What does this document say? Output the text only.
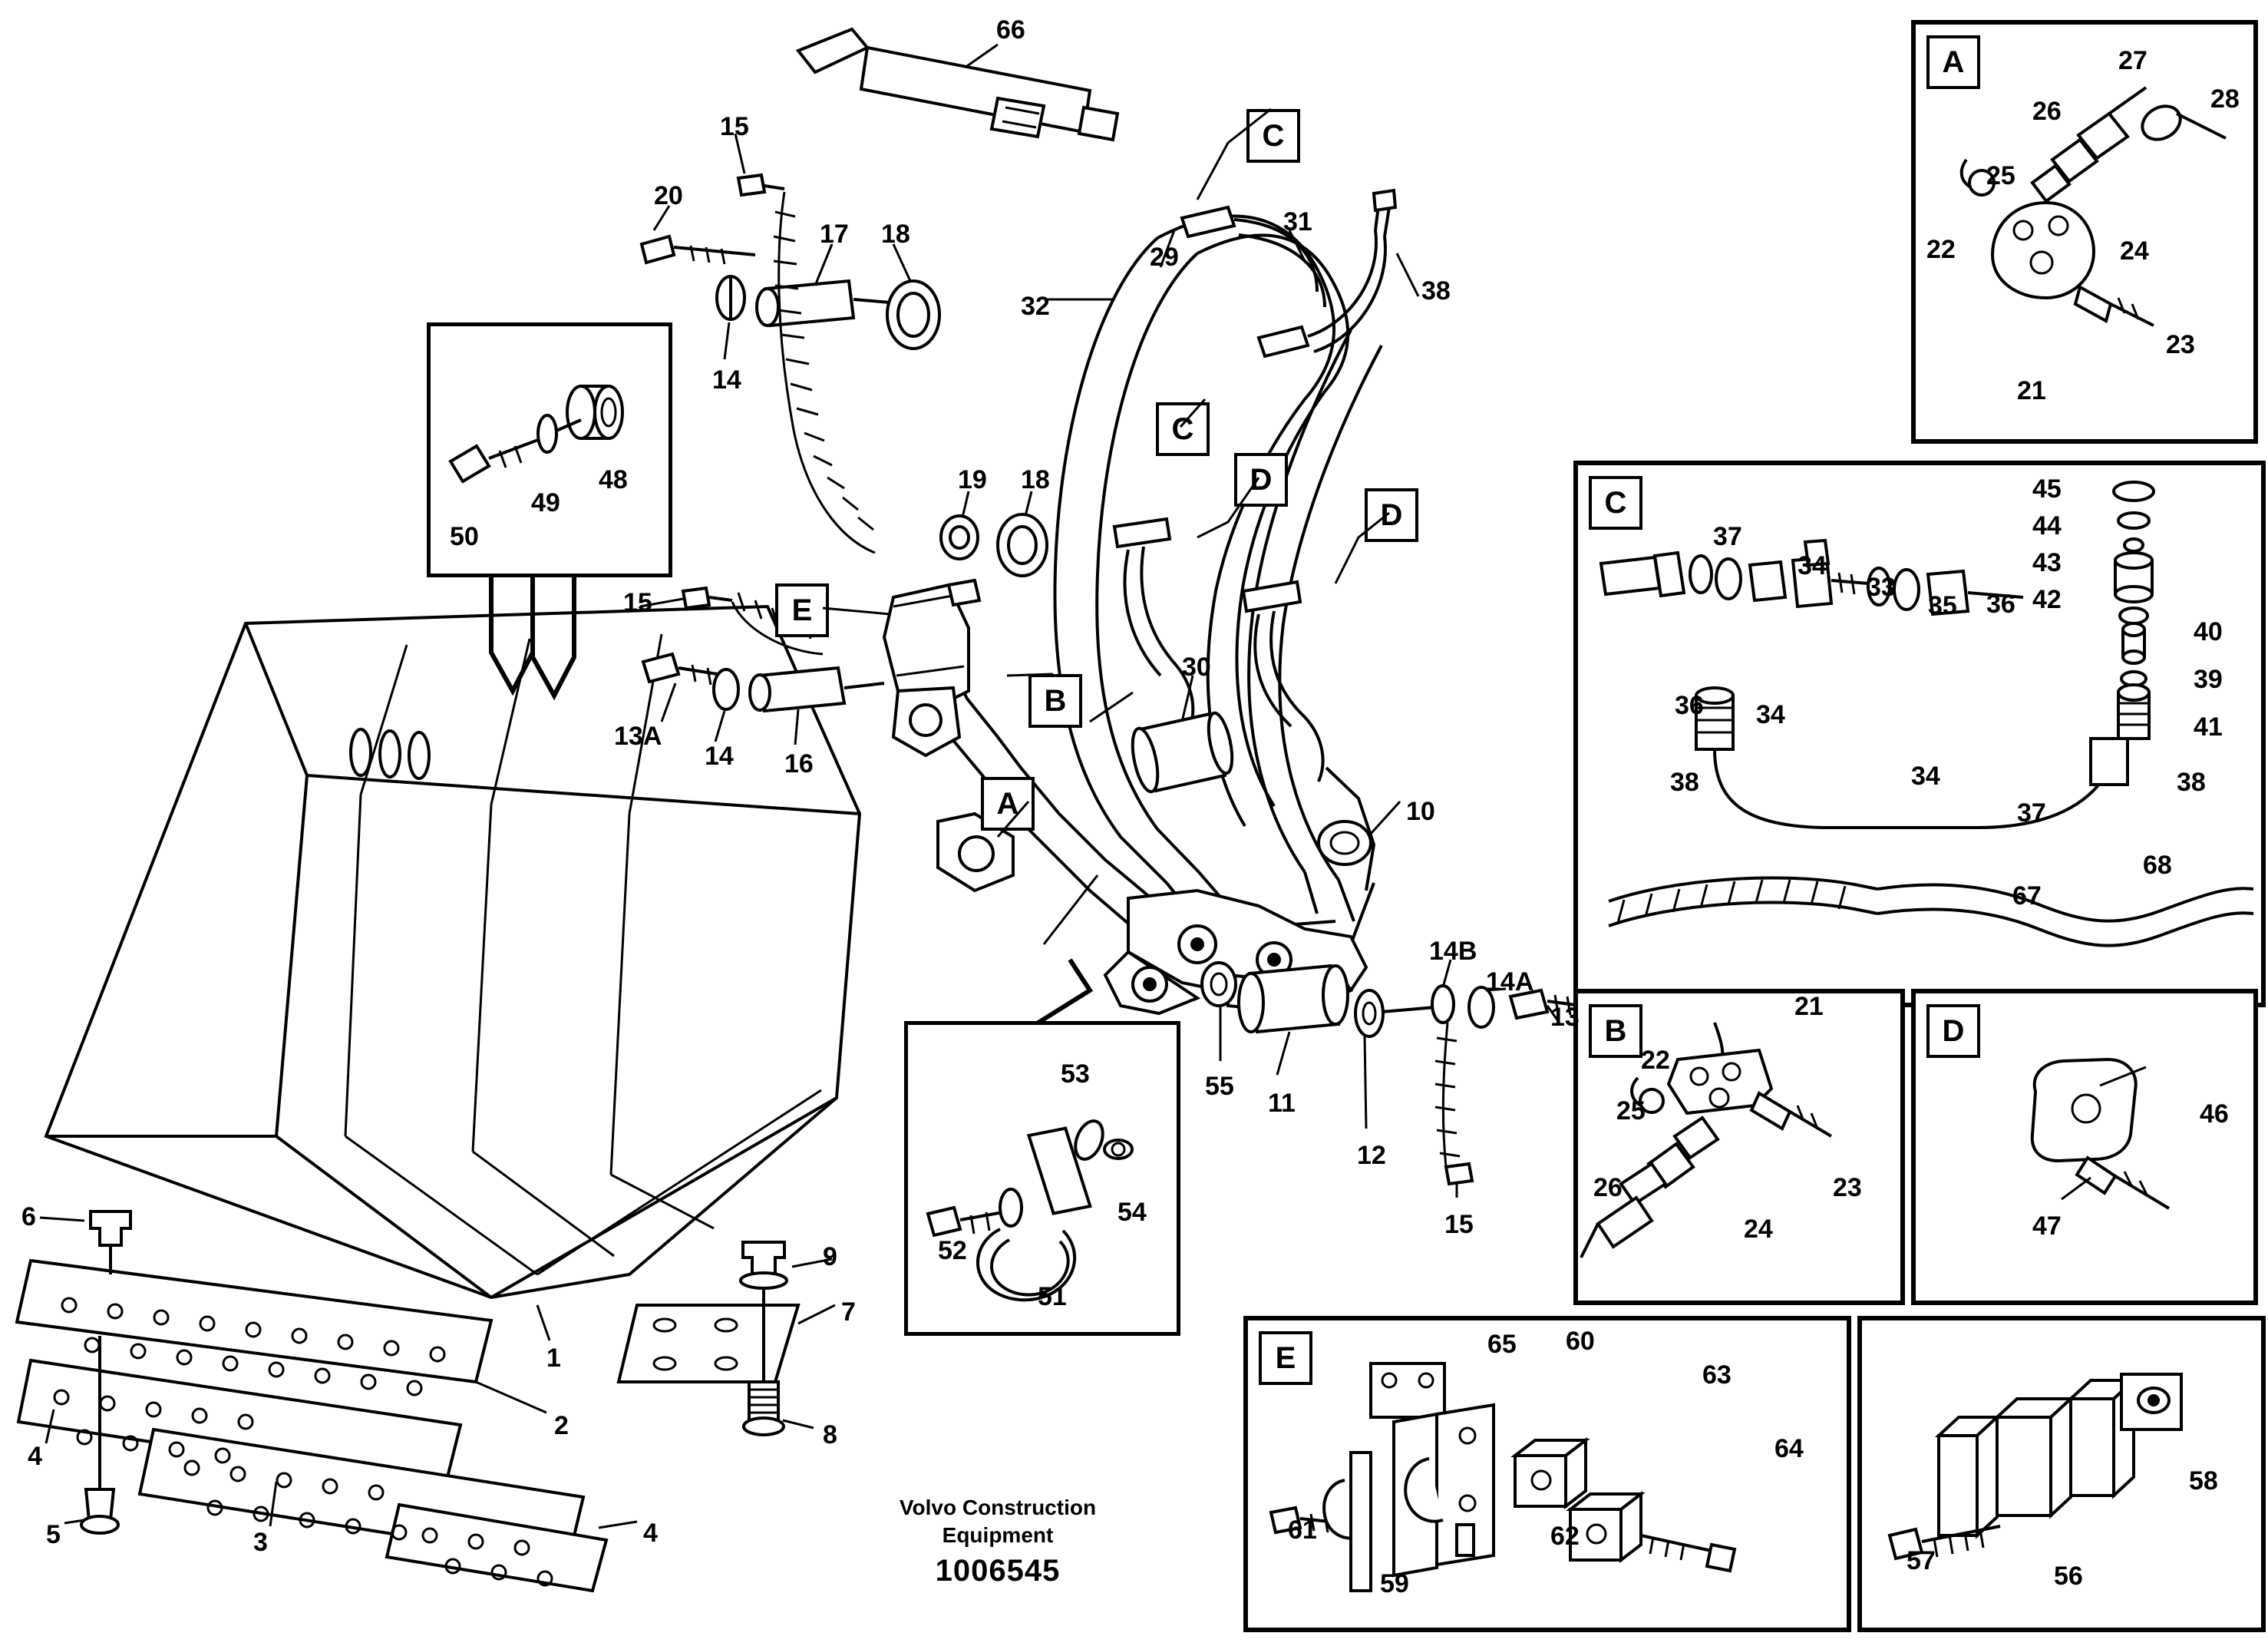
A
C
B	D
E
C
C
D
D
E
B
A
66
15
20
17 18
14
31
29
32
38
50
49
48	19 18
15
13A
14 16
30
10
14B
14A
13
55
11
12
15
53
54
52
51
6
9
7
8
1
2
4
5	3	4
27
26	28
25
24
22
23
21
45
44
43
42
40
39
41
37
34
33
35 36
36 34
34
37
38	38
67
68
21
22
25
26
24
23
46
47
65 60
63
64
61
59
62
58
57
56
Volvo Construction
Equipment
1006545
